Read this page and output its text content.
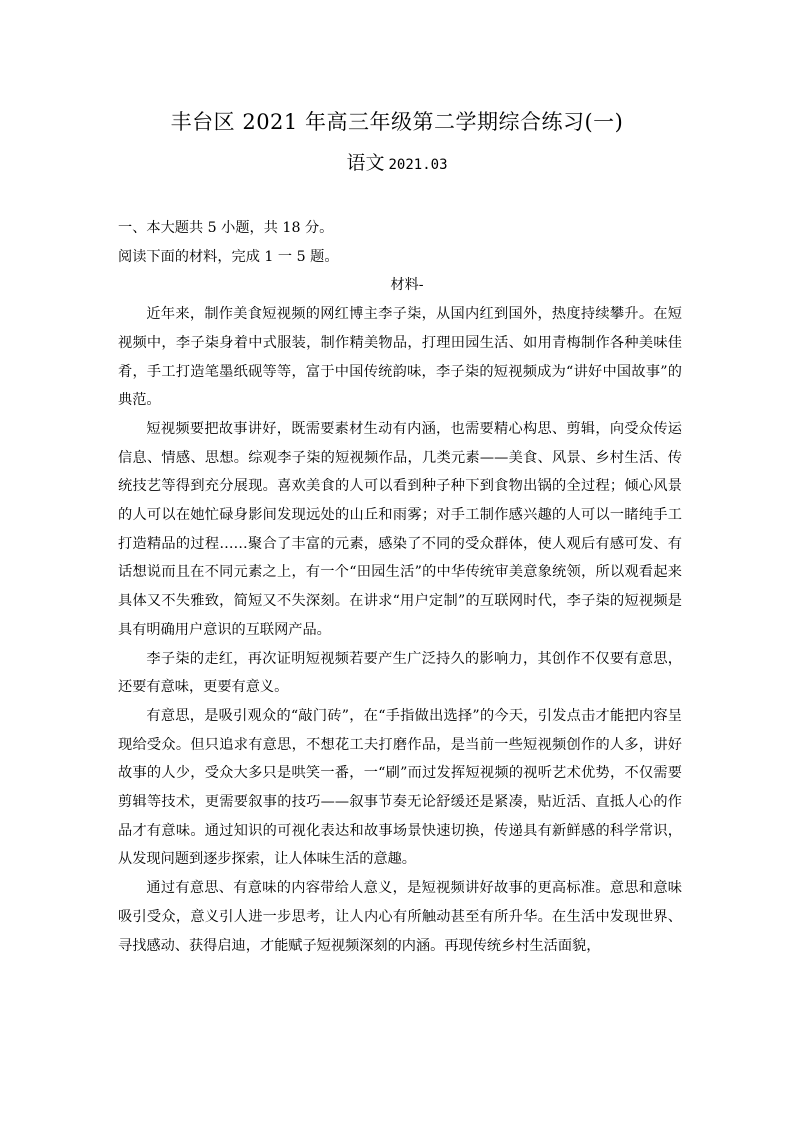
丰台区 2021 年高三年级第二学期综合练习(一)
语文 2021.03

一、本大题共 5 小题，共 18 分。

阅读下面的材料，完成 1 一 5 题。

材料-

近年来，制作美食短视频的网红博主李子柒，从国内红到国外，热度持续攀升。在短视频中，李子柒身着中式服装，制作精美物品，打理田园生活、如用青梅制作各种美味佳肴，手工打造笔墨纸砚等等，富于中国传统韵味，李子柒的短视频成为“讲好中国故事”的典范。

短视频要把故事讲好，既需要素材生动有内涵，也需要精心构思、剪辑，向受众传运信息、情感、思想。综观李子柒的短视频作品，几类元素——美食、风景、乡村生活、传统技艺等得到充分展现。喜欢美食的人可以看到种子种下到食物出锅的全过程；倾心风景的人可以在她忙碌身影间发现远处的山丘和雨雾；对手工制作感兴趣的人可以一睹纯手工打造精品的过程……聚合了丰富的元素，感染了不同的受众群体，使人观后有感可发、有话想说而且在不同元素之上，有一个“田园生活”的中华传统审美意象统领，所以观看起来具体又不失雅致，简短又不失深刻。在讲求“用户定制”的互联网时代，李子柒的短视频是具有明确用户意识的互联网产品。

李子柒的走红，再次证明短视频若要产生广泛持久的影响力，其创作不仅要有意思，还要有意味，更要有意义。

有意思，是吸引观众的“敲门砖”，在“手指做出选择”的今天，引发点击才能把内容呈现给受众。但只追求有意思，不想花工夫打磨作品，是当前一些短视频创作的人多，讲好故事的人少，受众大多只是哄笑一番，一“刷”而过发挥短视频的视听艺术优势，不仅需要剪辑等技术，更需要叙事的技巧——叙事节奏无论舒缓还是紧凑，贴近活、直抵人心的作品才有意味。通过知识的可视化表达和故事场景快速切换，传递具有新鲜感的科学常识，从发现问题到逐步探索，让人体味生活的意趣。

通过有意思、有意味的内容带给人意义，是短视频讲好故事的更高标准。意思和意味吸引受众，意义引人进一步思考，让人内心有所触动甚至有所升华。在生活中发现世界、寻找感动、获得启迪，才能赋子短视频深刻的内涵。再现传统乡村生活面貌，
